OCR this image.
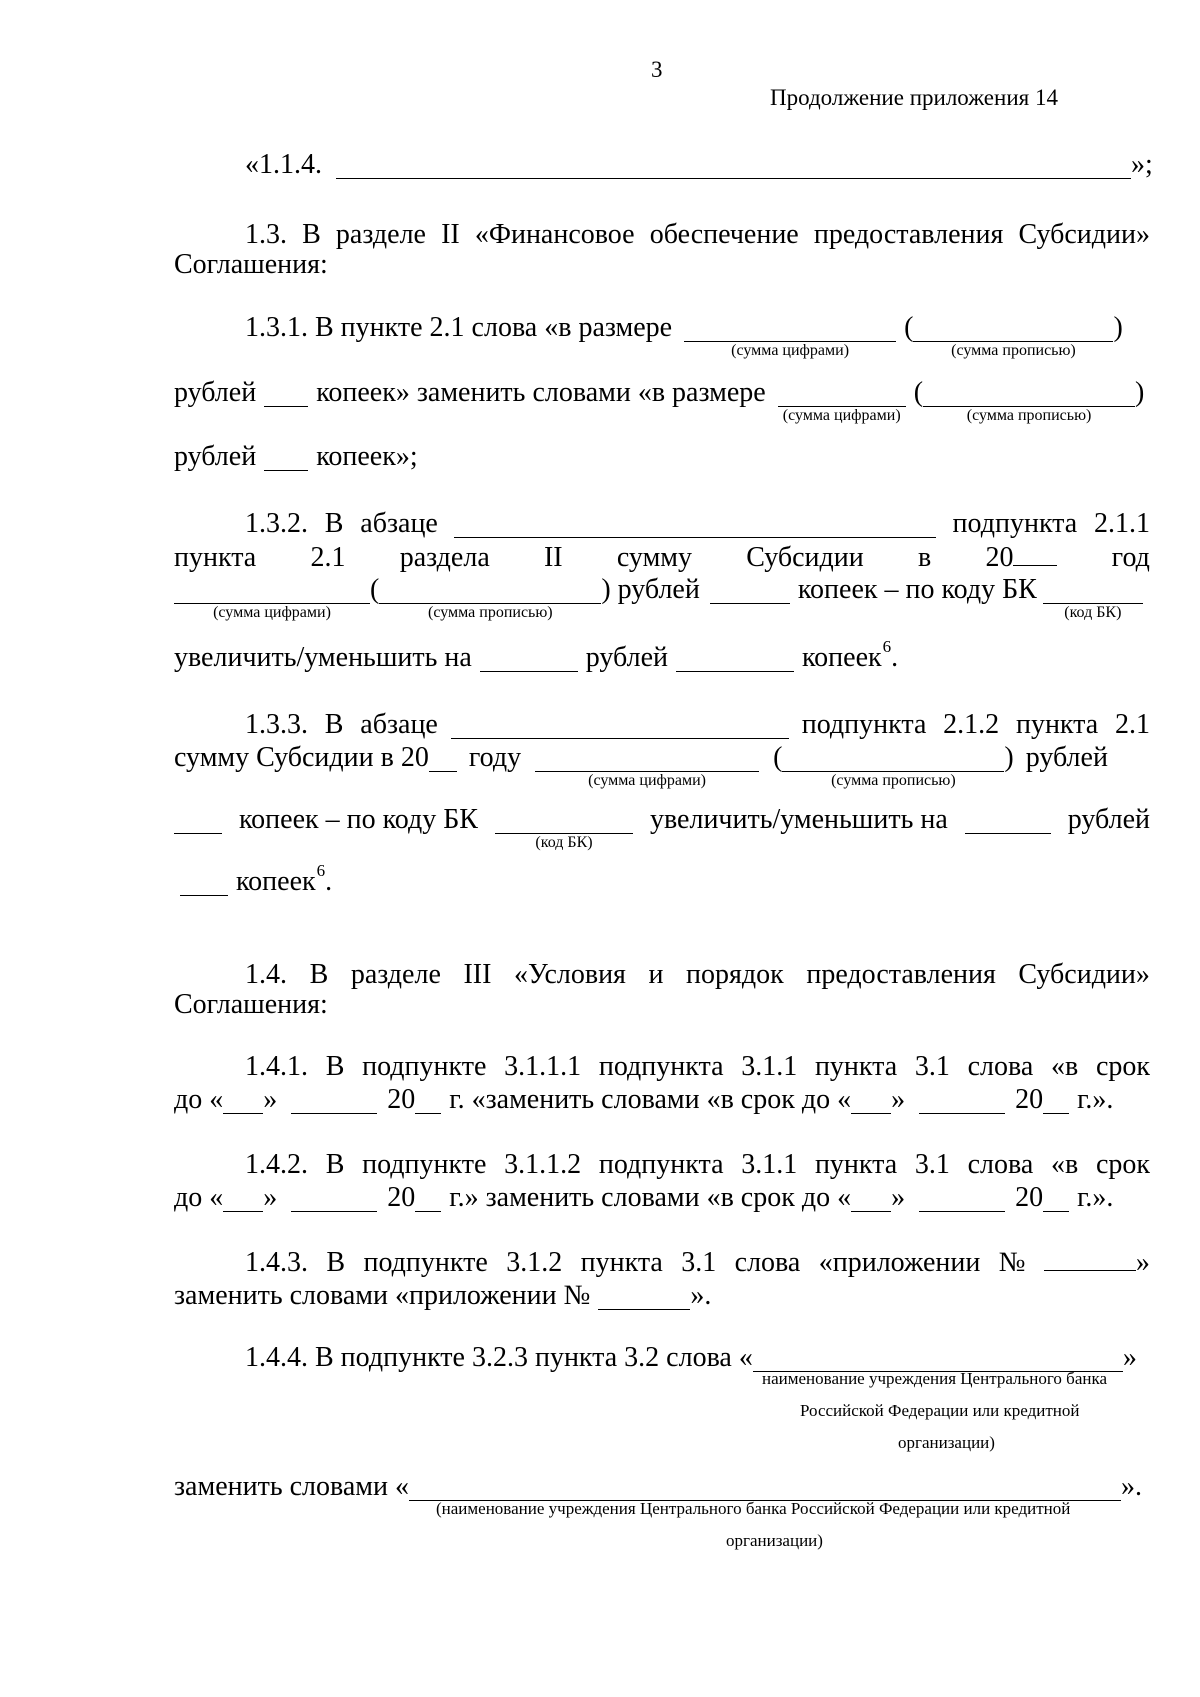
3
Продолжение приложения 14
«1.1.4.	»;
1.3. В разделе II «Финансовое обеспечение предоставления Субсидии»
Соглашения:
1.3.1. В пункте 2.1 слова «в размере
(сумма цифрами)
(
(сумма прописью)
)
рублей копеек» заменить словами «в размере
(сумма цифрами)
(
(сумма прописью)
)
рублей копеек»;
1.3.2. В абзаце	подпункта 2.1.1
пункта 2.1 раздела II сумму Субсидии в 20	год
(сумма цифрами)
(
(сумма прописью)
) рублей	копеек – по коду БК
(код БК)
увеличить/уменьшить на	рублей	копеек$^6$.
1.3.3. В абзаце	подпункта 2.1.2 пункта 2.1
сумму Субсидии в 20 году
(сумма цифрами)
(
(сумма прописью)
) рублей
копеек – по коду БК
(код БК)
увеличить/уменьшить на	рублей
копеек$^6$.
1.4. В разделе III «Условия и порядок предоставления Субсидии»
Соглашения:
1.4.1. В подпункте 3.1.1.1 подпункта 3.1.1 пункта 3.1 слова «в срок
до « »	20 г. «заменить словами «в срок до « »	20 г.».
1.4.2. В подпункте 3.1.1.2 подпункта 3.1.1 пункта 3.1 слова «в срок
до « »	20 г.» заменить словами «в срок до « »	20 г.».
1.4.3. В подпункте 3.1.2 пункта 3.1 слова «приложении №	»
заменить словами «приложении №	».
1.4.4. В подпункте 3.2.3 пункта 3.2 слова «	»
наименование учреждения Центрального банка
Российской Федерации или кредитной
организации)
заменить словами «	».
(наименование учреждения Центрального банка Российской Федерации или кредитной
организации)
